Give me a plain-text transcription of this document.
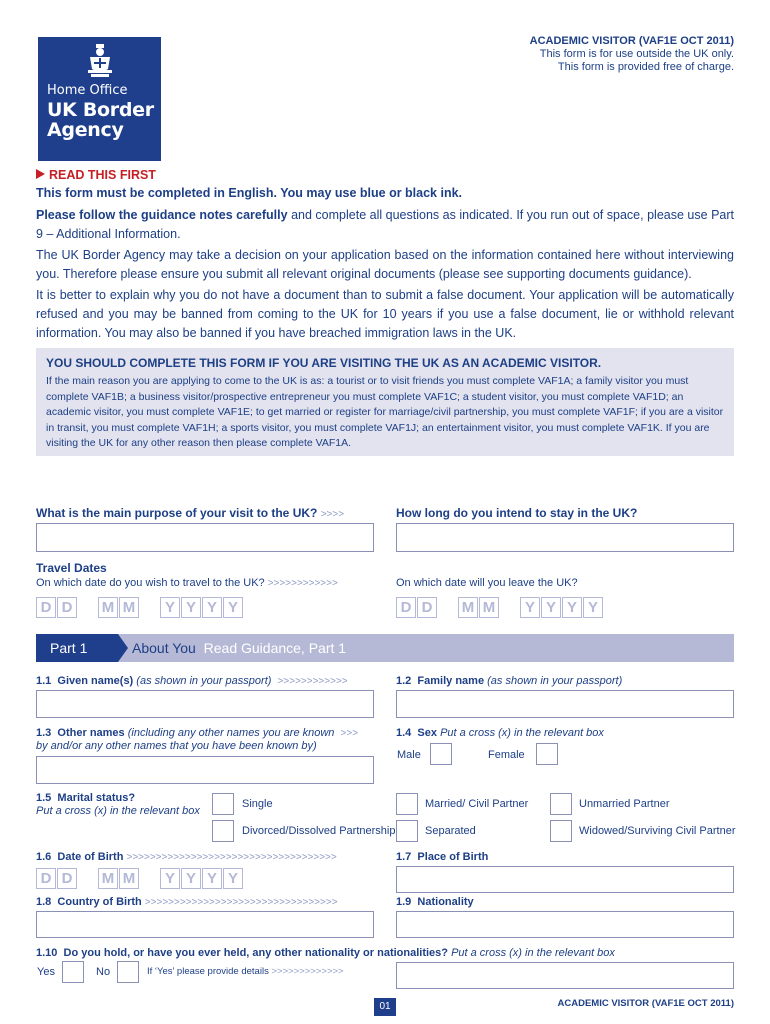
Home Office
UK Border
Agency
ACADEMIC VISITOR (VAF1E OCT 2011)
This form is for use outside the UK only.
This form is provided free of charge.
READ THIS FIRST
This form must be completed in English. You may use blue or black ink.
Please follow the guidance notes carefully and complete all questions as indicated. If you run out of space, please use Part 9 – Additional Information.
The UK Border Agency may take a decision on your application based on the information contained here without interviewing you. Therefore please ensure you submit all relevant original documents (please see supporting documents guidance).
It is better to explain why you do not have a document than to submit a false document. Your application will be automatically refused and you may be banned from coming to the UK for 10 years if you use a false document, lie or withhold relevant information. You may also be banned if you have breached immigration laws in the UK.
YOU SHOULD COMPLETE THIS FORM IF YOU ARE VISITING THE UK AS AN ACADEMIC VISITOR.
If the main reason you are applying to come to the UK is as: a tourist or to visit friends you must complete VAF1A; a family visitor you must complete VAF1B; a business visitor/prospective entrepreneur you must complete VAF1C; a student visitor, you must complete VAF1D; an academic visitor, you must complete VAF1E; to get married or register for marriage/civil partnership, you must complete VAF1F; if you are a visitor in transit, you must complete VAF1H; a sports visitor, you must complete VAF1J; an entertainment visitor, you must complete VAF1K. If you are visiting the UK for any other reason then please complete VAF1A.
What is the main purpose of your visit to the UK? >>>>	How long do you intend to stay in the UK?
Travel Dates
On which date do you wish to travel to the UK? >>>>>>>>>>>>	On which date will you leave the UK?
D D	M M	Y Y Y Y	D D	M M	Y Y Y Y
Part 1	About You Read Guidance, Part 1
1.1 Given name(s) (as shown in your passport) >>>>>>>>>>>>	1.2 Family name (as shown in your passport)
1.3 Other names (including any other names you are known >>>
by and/or any other names that you have been known by)
1.4 Sex Put a cross (x) in the relevant box
Male	Female
1.5 Marital status?
Put a cross (x) in the relevant box
Single	Married/ Civil Partner	Unmarried Partner
Divorced/Dissolved Partnership	Separated	Widowed/Surviving Civil Partner
1.6 Date of Birth >>>>>>>>>>>>>>>>>>>>>>>>>>>>>>>>>>>>	1.7 Place of Birth
D D	M M	Y Y Y Y
1.8 Country of Birth >>>>>>>>>>>>>>>>>>>>>>>>>>>>>>>>>	1.9 Nationality
1.10 Do you hold, or have you ever held, any other nationality or nationalities? Put a cross (x) in the relevant box
Yes	No	If ‘Yes’ please provide details >>>>>>>>>>>>>
01	ACADEMIC VISITOR (VAF1E OCT 2011)
